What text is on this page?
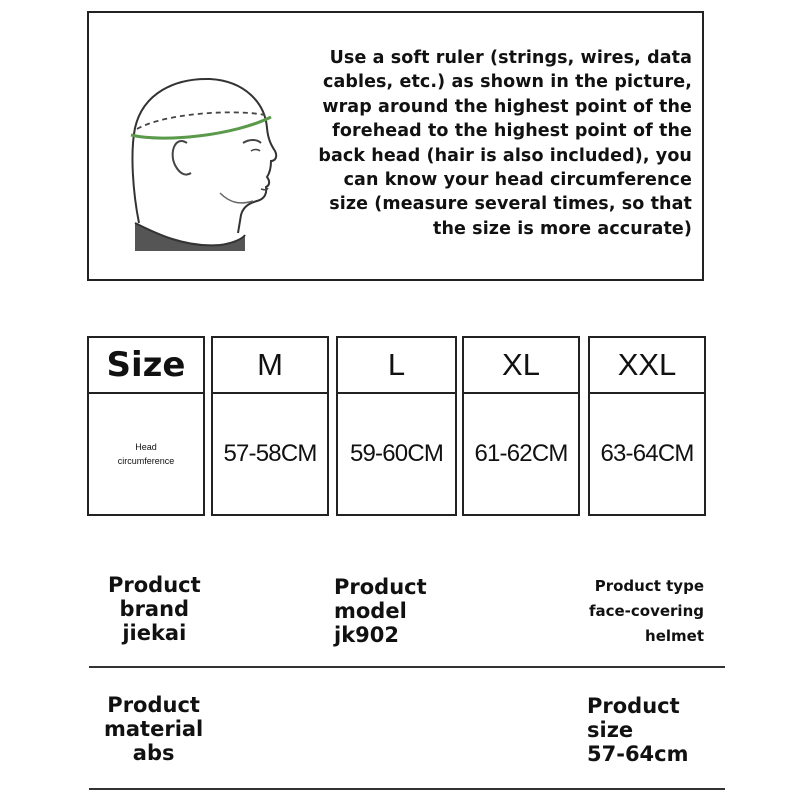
Use a soft ruler (strings, wires, data
cables, etc.) as shown in the picture,
wrap around the highest point of the
forehead to the highest point of the
back head (hair is also included), you
can know your head circumference
size (measure several times, so that
the size is more accurate)
Size M	L	XL	XXL
Head
circumference 57-58CM 59-60CM 61-62CM 63-64CM
Product
brand
jiekai
Product
model
jk902
Product type
face-covering
helmet
Product
material
abs
Product
size
57-64cm
